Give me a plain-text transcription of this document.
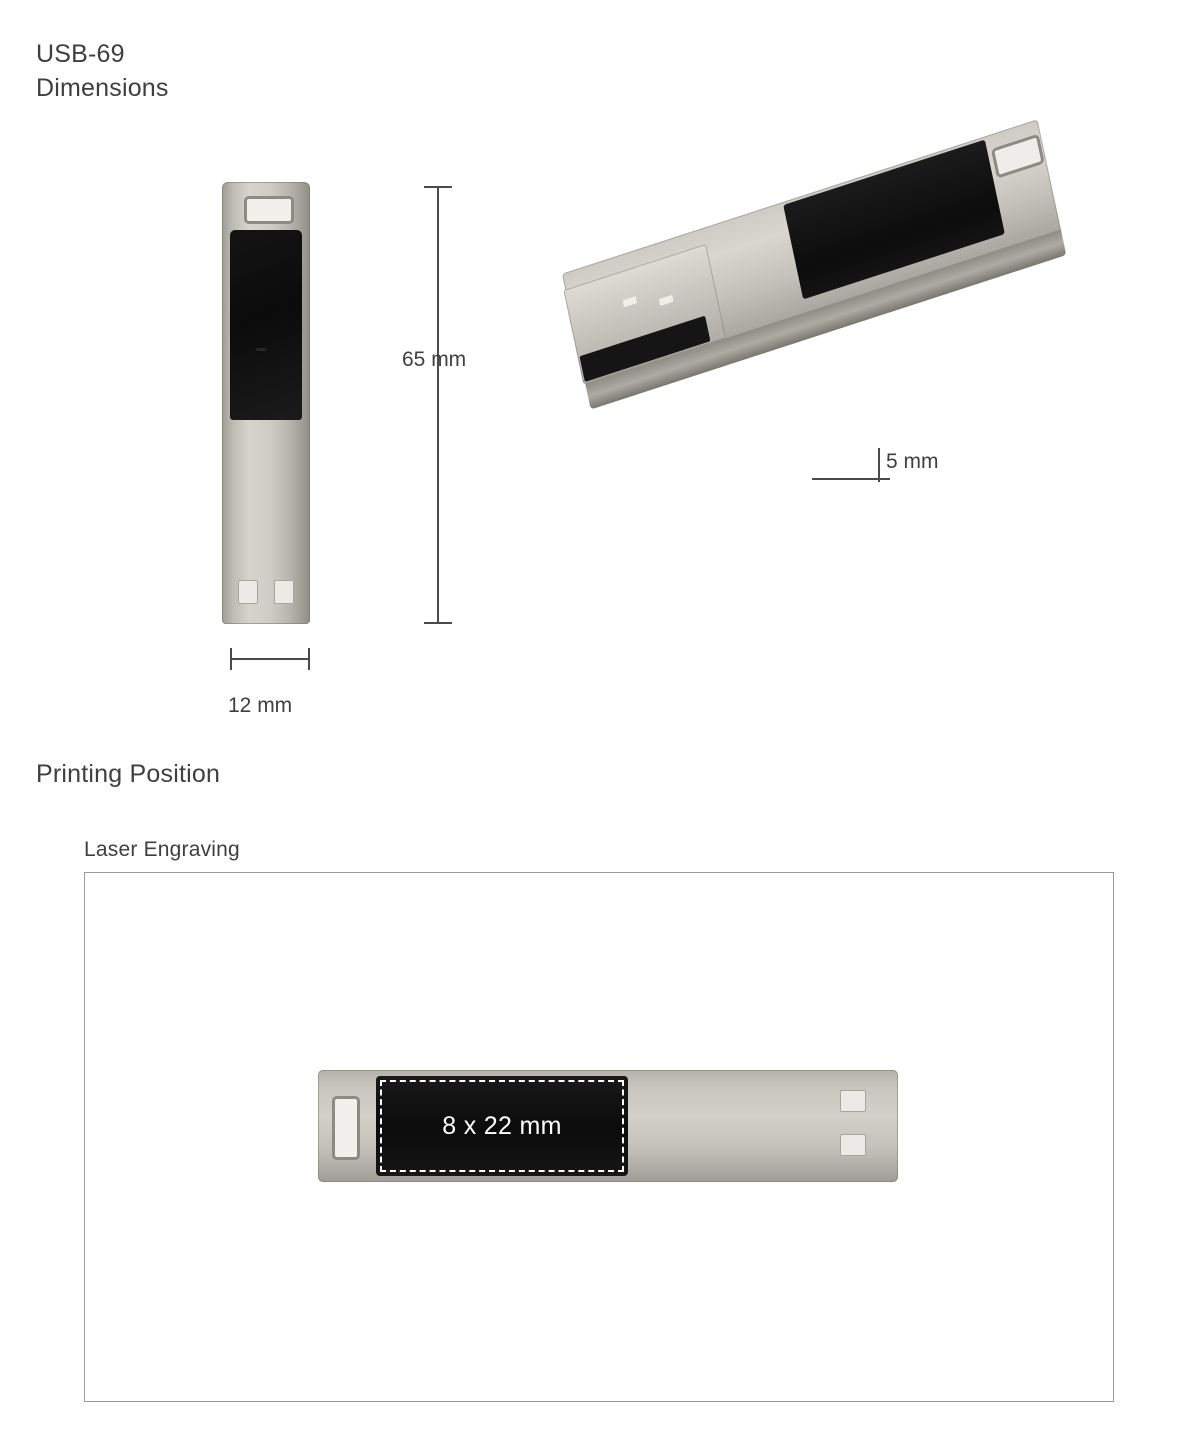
USB-69
Dimensions
65 mm
12 mm
5 mm
Printing Position
Laser Engraving
8 x 22 mm
